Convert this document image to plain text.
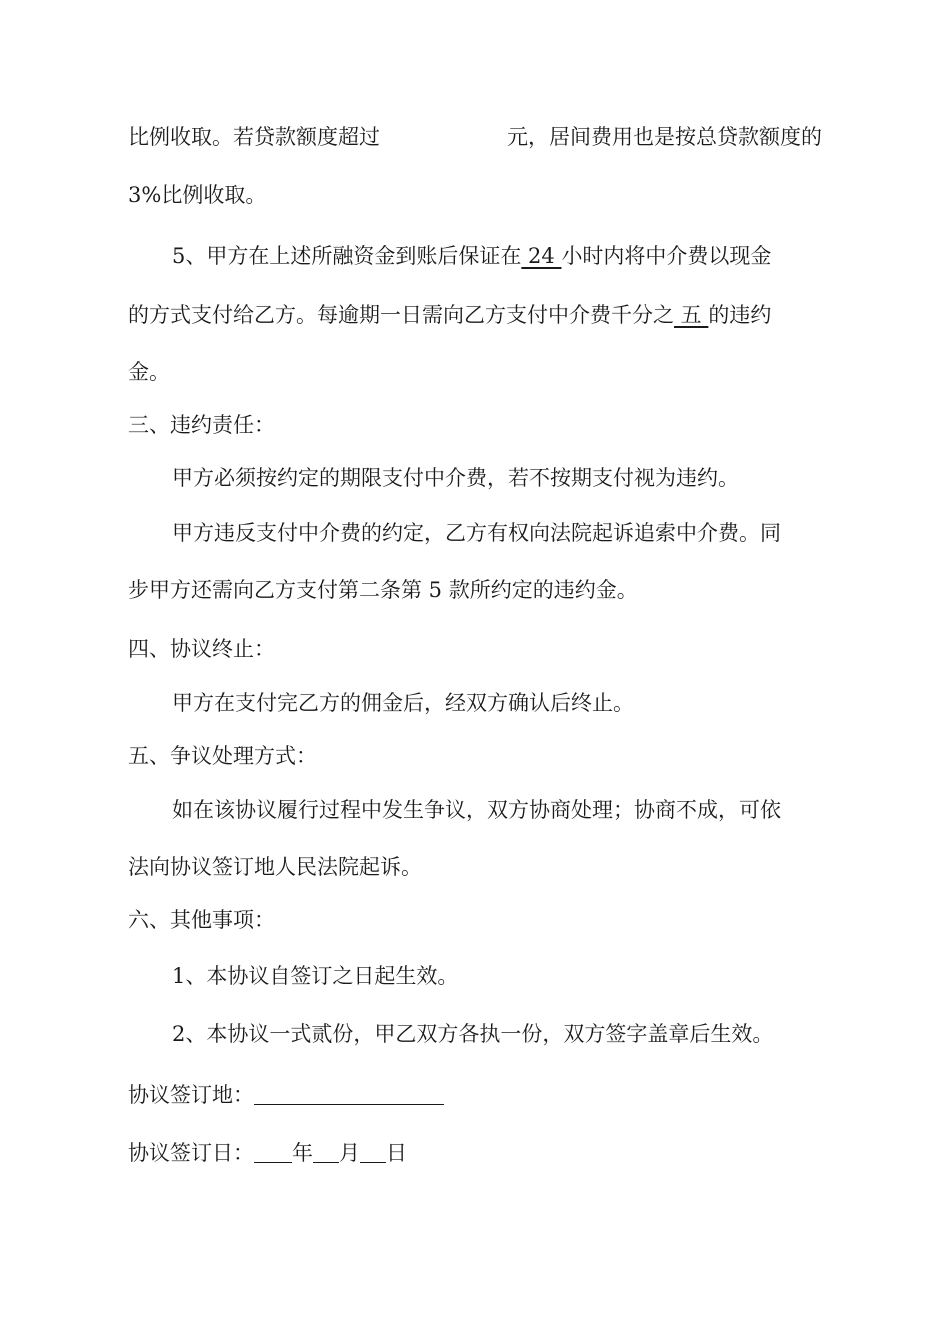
比例收取。若贷款额度超过	元，居间费用也是按总贷款额度的
3%比例收取。
5、甲方在上述所融资金到账后保证在 24 小时内将中介费以现金
的方式支付给乙方。每逾期一日需向乙方支付中介费千分之 五 的违约
金。
三、违约责任：
甲方必须按约定的期限支付中介费，若不按期支付视为违约。
甲方违反支付中介费的约定，乙方有权向法院起诉追索中介费。同
步甲方还需向乙方支付第二条第 5 款所约定的违约金。
四、协议终止：
甲方在支付完乙方的佣金后，经双方确认后终止。
五、争议处理方式：
如在该协议履行过程中发生争议，双方协商处理；协商不成，可依
法向协议签订地人民法院起诉。
六、其他事项：
1、本协议自签订之日起生效。
2、本协议一式贰份，甲乙双方各执一份，双方签字盖章后生效。
协议签订地：
协议签订日： 年 月 日
